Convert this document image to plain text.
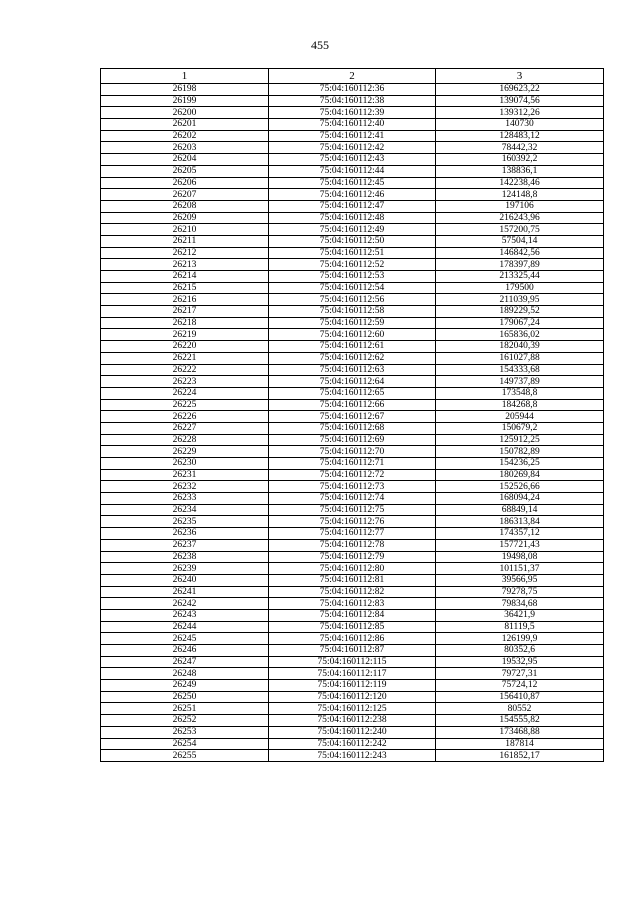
455
1	2	3
26198	75:04:160112:36	169623,22
26199	75:04:160112:38	139074,56
26200	75:04:160112:39	139312,26
26201	75:04:160112:40	140730
26202	75:04:160112:41	128483,12
26203	75:04:160112:42	78442,32
26204	75:04:160112:43	160392,2
26205	75:04:160112:44	138836,1
26206	75:04:160112:45	142238,46
26207	75:04:160112:46	124148,8
26208	75:04:160112:47	197106
26209	75:04:160112:48	216243,96
26210	75:04:160112:49	157200,75
26211	75:04:160112:50	57504,14
26212	75:04:160112:51	146842,56
26213	75:04:160112:52	178397,89
26214	75:04:160112:53	213325,44
26215	75:04:160112:54	179500
26216	75:04:160112:56	211039,95
26217	75:04:160112:58	189229,52
26218	75:04:160112:59	179067,24
26219	75:04:160112:60	165836,02
26220	75:04:160112:61	182040,39
26221	75:04:160112:62	161027,88
26222	75:04:160112:63	154333,68
26223	75:04:160112:64	149737,89
26224	75:04:160112:65	173548,8
26225	75:04:160112:66	184268,8
26226	75:04:160112:67	205944
26227	75:04:160112:68	150679,2
26228	75:04:160112:69	125912,25
26229	75:04:160112:70	150782,89
26230	75:04:160112:71	154236,25
26231	75:04:160112:72	180269,84
26232	75:04:160112:73	152526,66
26233	75:04:160112:74	168094,24
26234	75:04:160112:75	68849,14
26235	75:04:160112:76	186313,84
26236	75:04:160112:77	174357,12
26237	75:04:160112:78	157721,43
26238	75:04:160112:79	19498,08
26239	75:04:160112:80	101151,37
26240	75:04:160112:81	39566,95
26241	75:04:160112:82	79278,75
26242	75:04:160112:83	79834,68
26243	75:04:160112:84	36421,9
26244	75:04:160112:85	81119,5
26245	75:04:160112:86	126199,9
26246	75:04:160112:87	80352,6
26247	75:04:160112:115	19532,95
26248	75:04:160112:117	79727,31
26249	75:04:160112:119	75724,12
26250	75:04:160112:120	156410,87
26251	75:04:160112:125	80552
26252	75:04:160112:238	154555,82
26253	75:04:160112:240	173468,88
26254	75:04:160112:242	187814
26255	75:04:160112:243	161852,17
